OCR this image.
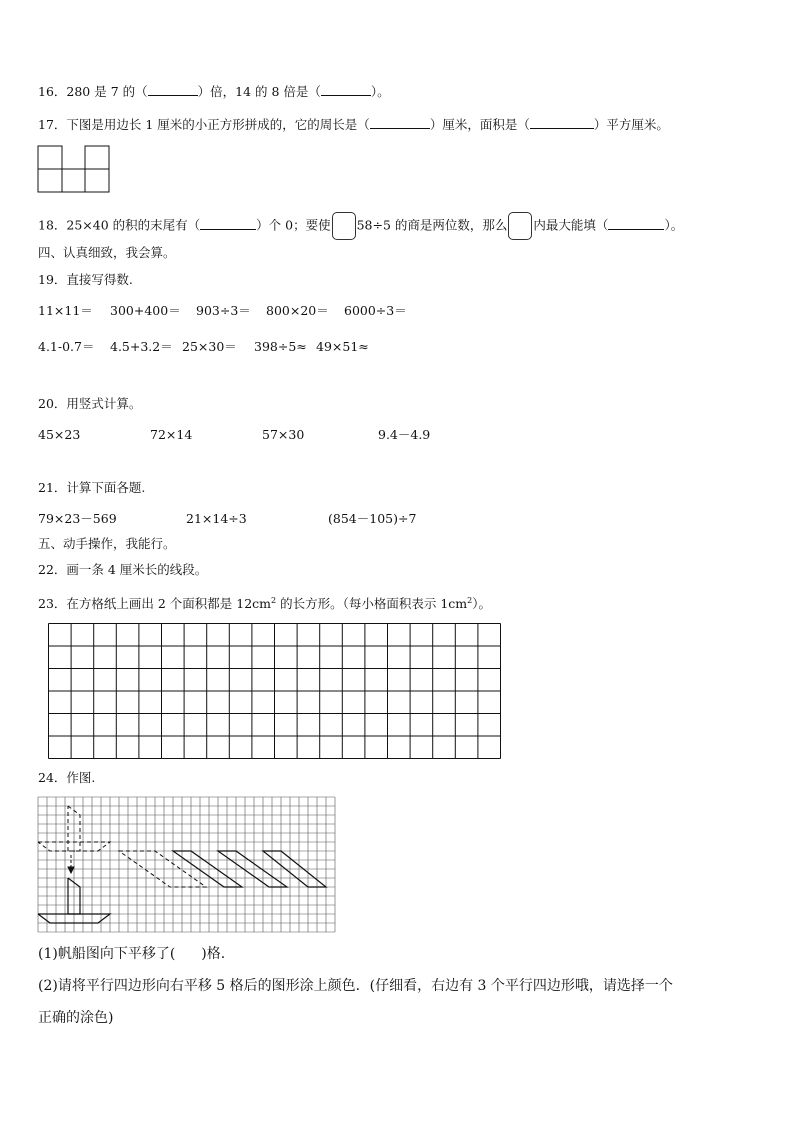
16．280 是 7 的（	）倍，14 的 8 倍是（	）。
17．下图是用边长 1 厘米的小正方形拼成的，它的周长是（	）厘米，面积是（	）平方厘米。
18．25×40 的积的末尾有（	）个 0；要使 58÷5 的商是两位数，那么 内最大能填（	）。
四、认真细致，我会算。
19．直接写得数.
11×11＝ 300+400＝ 903÷3＝ 800×20＝ 6000÷3＝
4.1-0.7＝ 4.5+3.2＝ 25×30＝ 398÷5≈ 49×51≈
20．用竖式计算。
45×23	72×14	57×30	9.4－4.9
21．计算下面各题.
79×23－569	21×14÷3	(854－105)÷7
五、动手操作，我能行。
22．画一条 4 厘米长的线段。
23．在方格纸上画出 2 个面积都是 $12cm^2$ 的长方形。（每小格面积表示 $1cm^2$）。
24．作图.
(1)帆船图向下平移了( )格.
(2)请将平行四边形向右平移 5 格后的图形涂上颜色．(仔细看，右边有 3 个平行四边形哦，请选择一个
正确的涂色)
